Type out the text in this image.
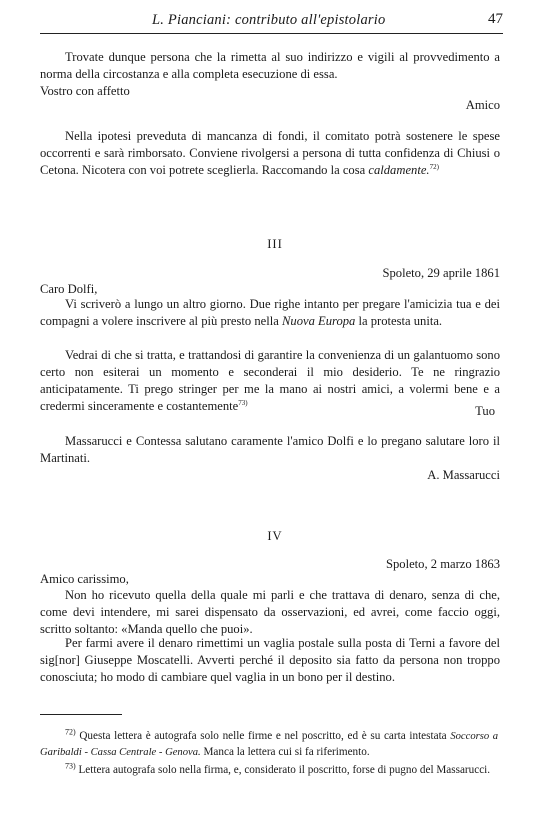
L. Pianciani: contributo all'epistolario	47

Trovate dunque persona che la rimetta al suo indirizzo e vigili al provvedimento a norma della circostanza e alla completa esecuzione di essa.

Vostro con affetto

Amico

Nella ipotesi preveduta di mancanza di fondi, il comitato potrà sostenere le spese occorrenti e sarà rimborsato. Conviene rivolgersi a persona di tutta confidenza di Chiusi o Cetona. Nicotera con voi potrete sceglierla. Raccomando la cosa caldamente.$^{72)}$

III

Spoleto, 29 aprile 1861

Caro Dolfi,

Vi scriverò a lungo un altro giorno. Due righe intanto per pregare l'amicizia tua e dei compagni a volere inscrivere al più presto nella Nuova Europa la protesta unita.

Vedrai di che si tratta, e trattandosi di garantire la convenienza di un galantuomo sono certo non esiterai un momento e seconderai il mio desiderio. Te ne ringrazio anticipatamente. Ti prego stringer per me la mano ai nostri amici, a volermi bene e a credermi sinceramente e costantemente$^{73)}$

Tuo

Massarucci e Contessa salutano caramente l'amico Dolfi e lo pregano salutare loro il Martinati.

A. Massarucci

IV

Spoleto, 2 marzo 1863

Amico carissimo,

Non ho ricevuto quella della quale mi parli e che trattava di denaro, senza di che, come devi intendere, mi sarei dispensato da osservazioni, ed avrei, come faccio oggi, scritto soltanto: «Manda quello che puoi».

Per farmi avere il denaro rimettimi un vaglia postale sulla posta di Terni a favore del sig[nor] Giuseppe Moscatelli. Avverti perché il deposito sia fatto da persona non troppo conosciuta; ho modo di cambiare quel vaglia in un bono per il destino.

$^{72)}$ Questa lettera è autografa solo nelle firme e nel poscritto, ed è su carta intestata Soccorso a Garibaldi - Cassa Centrale - Genova. Manca la lettera cui si fa riferimento.

$^{73)}$ Lettera autografa solo nella firma, e, considerato il poscritto, forse di pugno del Massarucci.
